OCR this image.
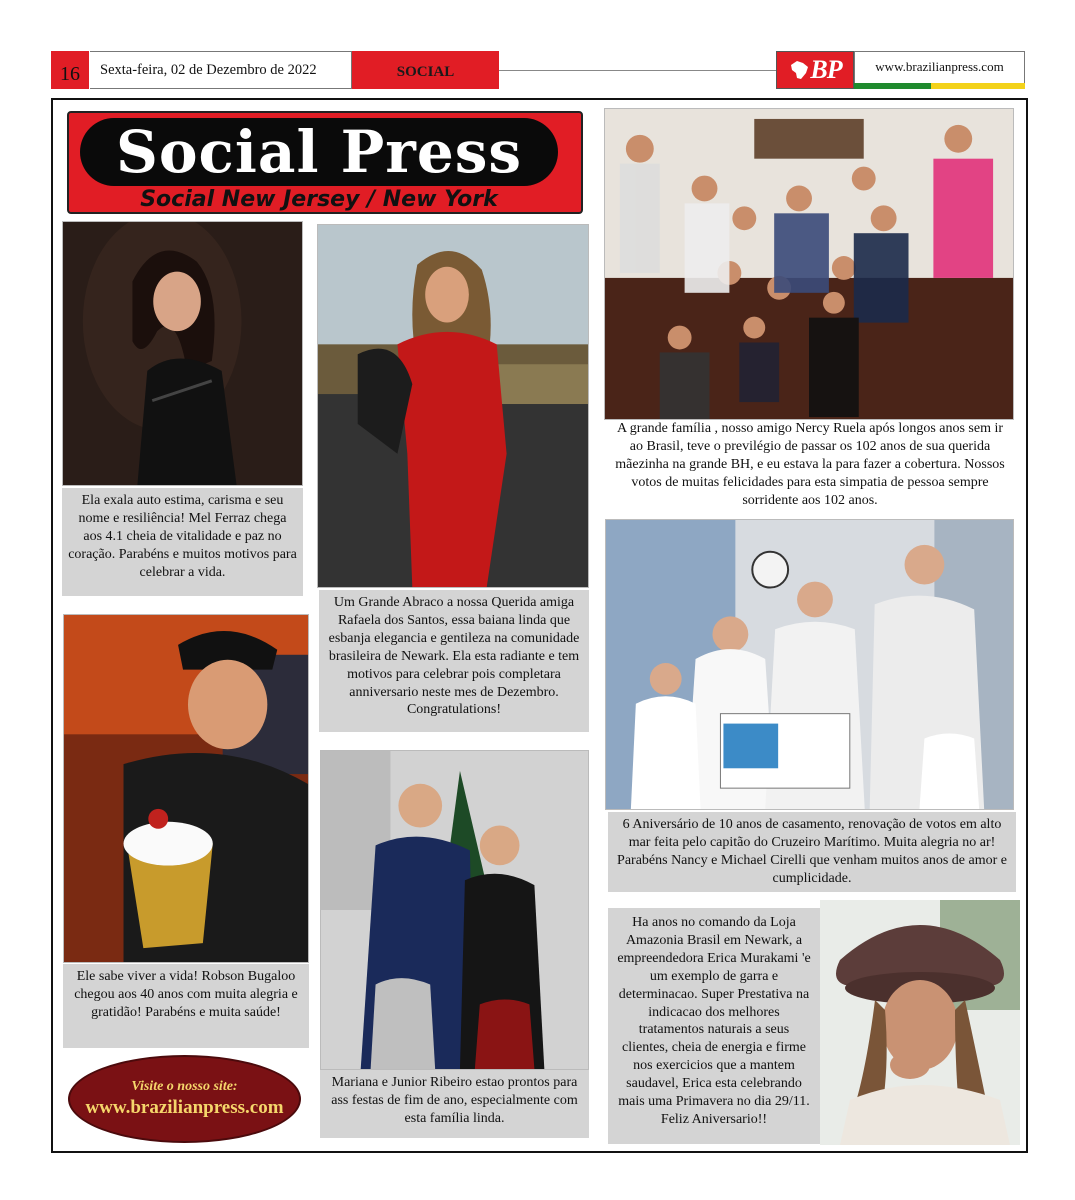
16	Sexta-feira, 02 de Dezembro de 2022	SOCIAL	BP	www.brazilianpress.com
Social Press
Social New Jersey / New York
Ela exala auto estima, carisma e seu nome e resiliência! Mel Ferraz chega aos 4.1 cheia de vitalidade e paz no coração. Parabéns e muitos motivos para celebrar a vida.
Um Grande Abraco a nossa Querida amiga Rafaela dos Santos, essa baiana linda que esbanja elegancia e gentileza na comunidade brasileira de Newark. Ela esta radiante e tem motivos para celebrar pois completara anniversario neste mes de Dezembro. Congratulations!
A grande família , nosso amigo Nercy Ruela após longos anos sem ir ao Brasil, teve o previlégio de passar os 102 anos de sua querida mãezinha na grande BH, e eu estava la para fazer a cobertura. Nossos votos de muitas felicidades para esta simpatia de pessoa sempre sorridente aos 102 anos.
6 Aniversário de 10 anos de casamento, renovação de votos em alto mar feita pelo capitão do Cruzeiro Marítimo. Muita alegria no ar! Parabéns Nancy e Michael Cirelli que venham muitos anos de amor e cumplicidade.
Ele sabe viver a vida! Robson Bugaloo chegou aos 40 anos com muita alegria e gratidão! Parabéns e muita saúde!
Mariana e Junior Ribeiro estao prontos para ass festas de fim de ano, especialmente com esta família linda.
Ha anos no comando da Loja Amazonia Brasil em Newark, a empreendedora Erica Murakami 'e um exemplo de garra e determinacao. Super Prestativa na indicacao dos melhores tratamentos naturais a seus clientes, cheia de energia e firme nos exercicios que a mantem saudavel, Erica esta celebrando mais uma Primavera no dia 29/11. Feliz Aniversario!!
Visite o nosso site:
www.brazilianpress.com
